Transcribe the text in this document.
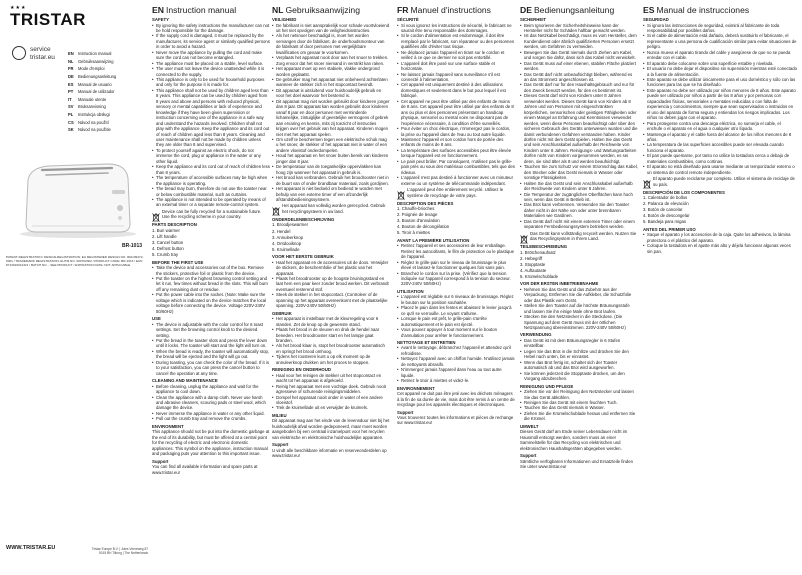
★★★
TRISTAR
service
tristar.eu
EN	Instruction manual
NL	Gebruiksaanwijzing
FR	Mode d'emploi
DE	Bedienungsanleitung
ES	Manual de usuario
PT	Manual de utilizador
IT	Manuale utente
SV	Bruksanvisning
PL	Instrukcja obsługi
CS	Návod na použití
SK	Návod na použitie
BR-1013
PATENT-REGISTRATION / DESIGN-REGISTRATION: EU REGISTERED DESIGN NO. 002139472-0001 / TRADEMARK REGISTRATION: EUTM NO. 000762302 / PRODUCT CODE: BR-1013 / EAN 8713016012321 / BATCH NO. - SEE PRODUCT / EXPIRATION DATE: NOT APPLICABLE
WWW.TRISTAR.EU	Tristar Europe B.V. | Jules Verneweg 87
5015 BH Tilburg | The Netherlands
EN Instruction manual
SAFETY
• By ignoring the safety instructions the manufacturer can not be hold responsible for the damage.
• If the supply cord is damaged, it must be replaced by the manufacturer, its service agent or similarly qualified persons in order to avoid a hazard.
• Never move the appliance by pulling the cord and make sure the cord can not become entangled.
• The appliance must be placed on a stable, level surface.
• The user must not leave the device unattended while it is connected to the supply.
• This appliance is only to be used for household purposes and only for the purpose it is made for.
• This appliance shall not be used by children aged less than 8 years. This appliance can be used by children aged from 8 years and above and persons with reduced physical, sensory or mental capabilities or lack of experience and knowledge if they have been given supervision or instruction concerning use of the appliance in a safe way and understand the hazards involved. Children shall not play with the appliance. Keep the appliance and its cord out of reach of children aged less than 8 years. Cleaning and user maintenance shall not be made by children unless they are older than 8 and supervised.
• To protect yourself against an electric shock, do not immerse the cord, plug or appliance in the water or any other liquid.
• Keep the appliance and its cord out of reach of children less than 8 years.
• The temperature of accessible surfaces may be high when the appliance is operating.
• The bread may burn, therefore do not use the toaster near or below combustible material, such as curtains.
• The appliance is not intended to be operated by means of an external timer or a separate remote-control system.

Device can be fully recycled for a sustainable future. Use the recycling scheme in your country.

PARTS DESCRIPTION

1. Bun warmer

2. Lift handle

3. Cancel button

4. Defrost button

5. Crumb tray

BEFORE THE FIRST USE
• Take the device and accessories out of the box. Remove the stickers, protective foil or plastic from the device.
• Put the toaster on the highest browning control setting and let it run, few times without bread in the slots. This will burn off any remaining dust or residue.
• Put the power cable into the socket. (Note: Make sure the voltage which is indicated on the device matches the local voltage before connecting the device. Voltage 220V-240V 50/60Hz)
USE
• The device is adjustable with the color control for 6 toast settings. Set the browning control knob to the desired setting.
• Put the bread in the toaster slots and press the lever down until it locks. The toaster will start and the light will turn on.
• When the bread is ready, the toaster will automatically stop, the bread will be ejected and the light will go out.
• During toasting, you can check the color of the bread. If it is to your satisfaction, you can press the cancel button to cancel the operation at any time.
CLEANING AND MAINTENANCE
• Before cleaning, unplug the appliance and wait for the appliance to cool down.
• Clean the appliance with a damp cloth. Never use harsh and abrasive cleaners, scouring pads or steel wool, which damage the device.
• Never immerse the appliance in water or any other liquid.
• Pull out the crumb tray and remove the crumbs.
ENVIRONMENT

This appliance should not be put into the domestic garbage at the end of its durability, but must be offered at a central point for the recycling of electric and electronic domestic appliances. This symbol on the appliance, instruction manual and packaging puts your attention to this important issue.

Support

You can find all available information and spare parts at www.tristar.eu!

NL Gebruiksaanwijzing
VEILIGHEID
• De fabrikant is niet aansprakelijk voor schade voortvloeiend uit het niet opvolgen van de veiligheidsinstructies.
• Als het netsnoer beschadigd is, moet het worden vervangen door de fabrikant, de onderhoudsmonteur van de fabrikant of door personen met vergelijkbare kwalificaties om gevaar te voorkomen.
• Verplaats het apparaat nooit door aan het snoer te trekken. Zorg ervoor dat het snoer niemand in verstrikt kan raken.
• Het apparaat moet op een stabiele, vlakke ondergrond worden geplaatst.
• De gebruiker mag het apparaat niet onbeheerd achterlaten wanneer de stekker zich in het stopcontact bevindt.
• Dit apparaat is uitsluitend voor huishoudelijk gebruik en voor het doel waarvoor het bestemd is.
• Dit apparaat mag niet worden gebruikt door kinderen jonger dan 8 jaar. Dit apparaat kan worden gebruikt door kinderen vanaf 8 jaar en door personen met verminderde lichamelijke, zintuiglijke of geestelijke vermogens of gebrek aan ervaring en kennis, mits zij toezicht of instructies krijgen over het gebruik van het apparaat. Kinderen mogen niet met het apparaat spelen.
• Om uzelf te beschermen tegen een elektrische schok mag u het snoer, de stekker of het apparaat niet in water of een andere vloeistof onderdompelen.
• Houd het apparaat en het snoer buiten bereik van kinderen jonger dan 8 jaar.
• De temperatuur van de toegankelijke oppervlakken kan hoog zijn wanneer het apparaat in gebruik is.
• Het brood kan verbranden. Gebruik het broodrooster niet in de buurt van of onder brandbaar materiaal, zoals gordijnen.
• Het apparaat is niet bedoeld om bediend te worden met behulp van een externe timer of een afzonderlijk afstandsbedieningssysteem.

Het apparaat kan volledig worden gerecycled. Gebruik het recyclingsysteem in uw land.

ONDERDELENBESCHRIJVING

1. Broodjeswarmer

2. Hendel

3. Annuleerknop

4. Ontdooiknop

5. Kruimellade

VOOR HET EERSTE GEBRUIK
• Haal het apparaat en de accessoires uit de doos. Verwijder de stickers, de beschermfolie of het plastic van het apparaat.
• Plaats het broodrooster op de hoogste bruiningsstand en laat hem een paar keer zonder brood werken. Dit verbrandt eventueel resterend stof.
• Steek de stekker in het stopcontact. (Controleer of de spanning op het apparaat overeenkomt met de plaatselijke spanning. 220V-240V 50/60Hz)
GEBRUIK
• Het apparaat is instelbaar met de kleurregeling voor 6 standen. Zet de knop op de gewenste stand.
• Plaats het brood in de sleuven en druk de hendel naar beneden. Het broodrooster start en het lampje gaat branden.
• Als het brood klaar is, stopt het broodrooster automatisch en springt het brood omhoog.
• Tijdens het roosteren kunt u op elk moment op de annuleerknop drukken om het proces te stoppen.
REINIGING EN ONDERHOUD
• Haal voor het reinigen de stekker uit het stopcontact en wacht tot het apparaat is afgekoeld.
• Reinig het apparaat met een vochtige doek. Gebruik nooit agressieve of schurende reinigingsmiddelen.
• Dompel het apparaat nooit onder in water of een andere vloeistof.
• Trek de kruimellade uit en verwijder de kruimels.
MILIEU

Dit apparaat mag aan het einde van de levensduur niet bij het huishoudelijk afval worden gedeponeerd, maar moet worden aangeboden bij een centraal inzamelpunt voor het recyclen van elektrische en elektronische huishoudelijke apparaten.

Support

U vindt alle beschikbare informatie en reserveonderdelen op www.tristar.eu!

FR Manuel d'instructions
SÉCURITÉ
• Si vous ignorez les instructions de sécurité, le fabricant ne saurait être tenu responsable des dommages.
• Si le cordon d'alimentation est endommagé, il doit être remplacé par le fabricant, son réparateur ou des personnes qualifiées afin d'éviter tout risque.
• Ne déplacez jamais l'appareil en tirant sur le cordon et veillez à ce que ce dernier ne soit pas entortillé.
• L'appareil doit être posé sur une surface stable et horizontale.
• Ne laissez jamais l'appareil sans surveillance s'il est connecté à l'alimentation.
• Cet appareil est uniquement destiné à des utilisations domestiques et seulement dans le but pour lequel il est fabriqué.
• Cet appareil ne peut être utilisé par des enfants de moins de 8 ans. Cet appareil peut être utilisé par des enfants de 8 ans ou plus et des personnes présentant un handicap physique, sensoriel ou mental voire ne disposant pas de l'expérience nécessaire, à condition d'être surveillés.
• Pour éviter un choc électrique, n'immergez pas le cordon, la prise ou l'appareil dans de l'eau ou tout autre liquide.
• Maintenez l'appareil et son cordon hors de portée des enfants de moins de 8 ans.
• La température des surfaces accessibles peut être élevée lorsque l'appareil est en fonctionnement.
• Le pain peut brûler. Par conséquent, n'utilisez pas le grille-pain près ou sous des matériaux combustibles, tels que des rideaux.
• L'appareil n'est pas destiné à fonctionner avec un minuteur externe ou un système de télécommande indépendant.

L'appareil peut être entièrement recyclé. Utilisez le système de recyclage de votre pays.

DESCRIPTION DES PIÈCES

1. Chauffe-brioches

2. Poignée de levage

3. Bouton d'annulation

4. Bouton de décongélation

5. Tiroir à miettes

AVANT LA PREMIÈRE UTILISATION
• Retirez l'appareil et ses accessoires de leur emballage. Retirez les autocollants, le film de protection ou le plastique de l'appareil.
• Réglez le grille-pain sur le niveau de brunissage le plus élevé et laissez-le fonctionner quelques fois sans pain.
• Branchez le cordon sur la prise. (Vérifiez que la tension indiquée sur l'appareil correspond à la tension du secteur. 220V-240V 50/60Hz)
UTILISATION
• L'appareil est réglable sur 6 niveaux de brunissage. Réglez le bouton sur la position souhaitée.
• Placez le pain dans les fentes et abaissez le levier jusqu'à ce qu'il se verrouille. Le voyant s'allume.
• Lorsque le pain est prêt, le grille-pain s'arrête automatiquement et le pain est éjecté.
• Vous pouvez appuyer à tout moment sur le bouton d'annulation pour arrêter le fonctionnement.
NETTOYAGE ET ENTRETIEN
• Avant le nettoyage, débranchez l'appareil et attendez qu'il refroidisse.
• Nettoyez l'appareil avec un chiffon humide. N'utilisez jamais de nettoyants abrasifs.
• N'immergez jamais l'appareil dans l'eau ou tout autre liquide.
• Retirez le tiroir à miettes et videz-le.
ENVIRONNEMENT

Cet appareil ne doit pas être jeté avec les déchets ménagers à la fin de sa durée de vie, mais doit être remis à un centre de recyclage pour les appareils électriques et électroniques.

Support

Vous trouverez toutes les informations et pièces de rechange sur www.tristar.eu!

DE Bedienungsanleitung
SICHERHEIT
• Beim Ignorieren der Sicherheitshinweise kann der Hersteller nicht für Schäden haftbar gemacht werden.
• Ist das Netzkabel beschädigt, muss es vom Hersteller, dem Kundendienst oder ähnlich qualifizierten Personen ersetzt werden, um Gefahren zu vermeiden.
• Bewegen Sie das Gerät niemals durch Ziehen am Kabel, und sorgen Sie dafür, dass sich das Kabel nicht verwickelt.
• Das Gerät muss auf einer ebenen, stabilen Fläche platziert werden.
• Das Gerät darf nicht unbeaufsichtigt bleiben, während es an das Stromnetz angeschlossen ist.
• Das Gerät darf nur für den Haushaltsgebrauch und nur für den Zweck benutzt werden, für den es bestimmt ist.
• Dieses Gerät darf nicht von Kindern unter 8 Jahren verwendet werden. Dieses Gerät kann von Kindern ab 8 Jahren und von Personen mit eingeschränkten körperlichen, sensorischen oder geistigen Fähigkeiten oder einem Mangel an Erfahrung und Kenntnissen verwendet werden, wenn diese Personen beaufsichtigt oder über den sicheren Gebrauch des Geräts unterwiesen wurden und die damit verbundenen Gefahren verstanden haben. Kinder dürfen nicht mit dem Gerät spielen. Halten Sie das Gerät und sein Anschlusskabel außerhalb der Reichweite von Kindern unter 8 Jahren. Reinigungs- und Wartungsarbeiten dürfen nicht von Kindern vorgenommen werden, es sei denn, sie sind älter als 8 und werden beaufsichtigt.
• Tauchen Sie zum Schutz vor einem Stromschlag das Kabel, den Stecker oder das Gerät niemals in Wasser oder sonstige Flüssigkeiten.
• Halten Sie das Gerät und sein Anschlusskabel außerhalb der Reichweite von Kindern unter 8 Jahren.
• Die Temperatur der zugänglichen Oberflächen kann hoch sein, wenn das Gerät in Betrieb ist.
• Das Brot kann verbrennen. Verwenden Sie den Toaster daher nicht in der Nähe von oder unter brennbaren Materialien wie Gardinen.
• Das Gerät darf nicht mit einem externen Timer oder einem separaten Fernbedienungssystem betrieben werden.

Das Gerät kann vollständig recycelt werden. Nutzen Sie das Recyclingsystem in Ihrem Land.

TEILEBESCHREIBUNG

1. Brötchenaufsatz

2. Hebegriff

3. Stopptaste

4. Auftautaste

5. Krümelschublade

VOR DER ERSTEN INBETRIEBNAHME
• Nehmen Sie das Gerät und das Zubehör aus der Verpackung. Entfernen Sie die Aufkleber, die Schutzfolie oder das Plastik vom Gerät.
• Stellen Sie den Toaster auf die höchste Bräunungsstufe und lassen Sie ihn einige Male ohne Brot laufen.
• Stecken Sie den Netzstecker in die Steckdose. (Die Spannung auf dem Gerät muss mit der örtlichen Netzspannung übereinstimmen. 220V-240V 50/60Hz)
VERWENDUNG
• Das Gerät ist mit dem Bräunungsregler in 6 Stufen einstellbar.
• Legen Sie das Brot in die Schlitze und drücken Sie den Hebel nach unten, bis er einrastet.
• Wenn das Brot fertig ist, schaltet sich der Toaster automatisch ab und das Brot wird ausgeworfen.
• Sie können jederzeit die Stopptaste drücken, um den Vorgang abzubrechen.
REINIGUNG UND PFLEGE
• Ziehen Sie vor der Reinigung den Netzstecker und lassen Sie das Gerät abkühlen.
• Reinigen Sie das Gerät mit einem feuchten Tuch.
• Tauchen Sie das Gerät niemals in Wasser.
• Ziehen Sie die Krümelschublade heraus und entfernen Sie die Krümel.
UMWELT

Dieses Gerät darf am Ende seiner Lebensdauer nicht im Hausmüll entsorgt werden, sondern muss an einer Sammelstelle für das Recycling von elektrischen und elektronischen Haushaltsgeräten abgegeben werden.

Support

Sämtliche verfügbaren Informationen und Ersatzteile finden Sie unter www.tristar.eu!

ES Manual de instrucciones
SEGURIDAD
• Si ignora las instrucciones de seguridad, eximirá al fabricante de toda responsabilidad por posibles daños.
• Si el cable de alimentación está dañado, deberá sustituirlo el fabricante, el representante o una persona de cualificación similar para evitar situaciones de peligro.
• Nunca mueva el aparato tirando del cable y asegúrese de que no se pueda enredar con el cable.
• El aparato debe colocarse sobre una superficie estable y nivelada.
• El usuario no debe dejar el dispositivo sin supervisión mientras esté conectado a la fuente de alimentación.
• Este aparato se debe utilizar únicamente para el uso doméstico y sólo con las funciones para las que se ha diseñado.
• Este aparato no debe ser utilizado por niños menores de 8 años. Este aparato puede ser utilizado por niños a partir de los 8 años y por personas con capacidades físicas, sensoriales o mentales reducidas o con falta de experiencia y conocimientos, siempre que sean supervisados o instruidos en el uso del aparato de forma segura y entiendan los riesgos implicados. Los niños no deben jugar con el aparato.
• Para protegerse contra una descarga eléctrica, no sumerja el cable, el enchufe o el aparato en el agua o cualquier otro líquido.
• Mantenga el aparato y el cable fuera del alcance de los niños menores de 8 años.
• La temperatura de las superficies accesibles puede ser elevada cuando funciona el aparato.
• El pan puede quemarse, por tanto no utilice la tostadora cerca o debajo de materiales combustibles, como cortinas.
• El aparato no está diseñado para usarse mediante un temporizador externo o un sistema de control remoto independiente.

El aparato puede reciclarse por completo. Utilice el sistema de reciclaje de su país.

DESCRIPCIÓN DE LOS COMPONENTES

1. Calentador de bollos

2. Palanca de elevación

3. Botón de cancelar

4. Botón de descongelar

5. Bandeja para migas

ANTES DEL PRIMER USO
• Saque el aparato y los accesorios de la caja. Quite los adhesivos, la lámina protectora o el plástico del aparato.
• Coloque la tostadora en el ajuste más alto y déjela funcionar algunas veces sin pan.
